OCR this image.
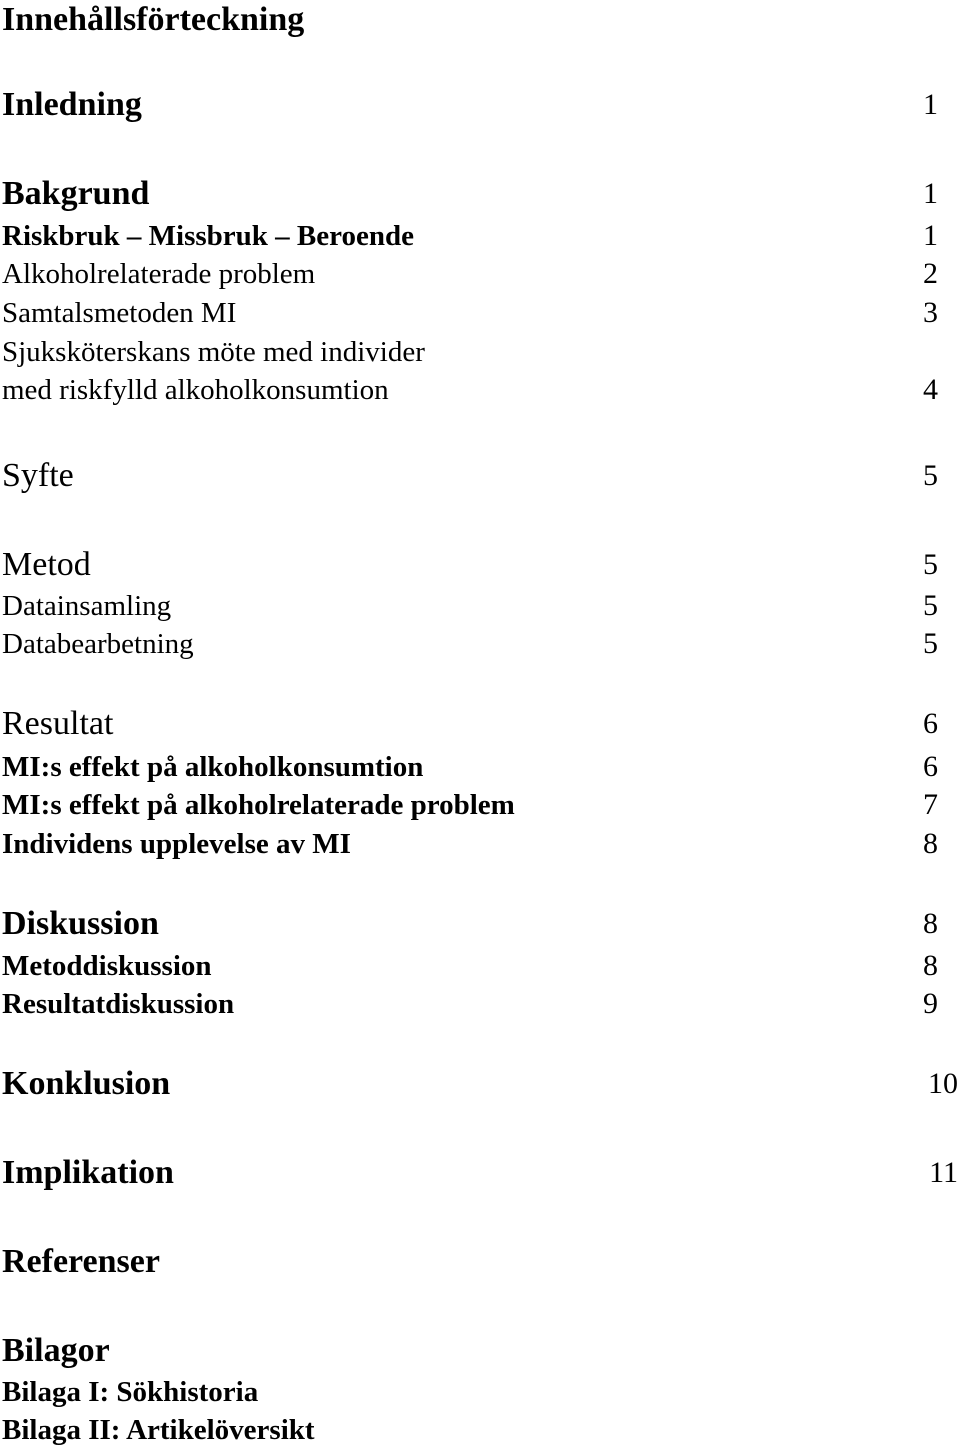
Innehållsförteckning
Inledning	1
Bakgrund	1
Riskbruk – Missbruk – Beroende	1
Alkoholrelaterade problem	2
Samtalsmetoden MI	3
Sjuksköterskans möte med individer
med riskfylld alkoholkonsumtion	4
Syfte	5
Metod	5
Datainsamling	5
Databearbetning	5
Resultat	6
MI:s effekt på alkoholkonsumtion	6
MI:s effekt på alkoholrelaterade problem	7
Individens upplevelse av MI	8
Diskussion	8
Metoddiskussion	8
Resultatdiskussion	9
Konklusion	10
Implikation	11
Referenser
Bilagor
Bilaga I: Sökhistoria
Bilaga II: Artikelöversikt
